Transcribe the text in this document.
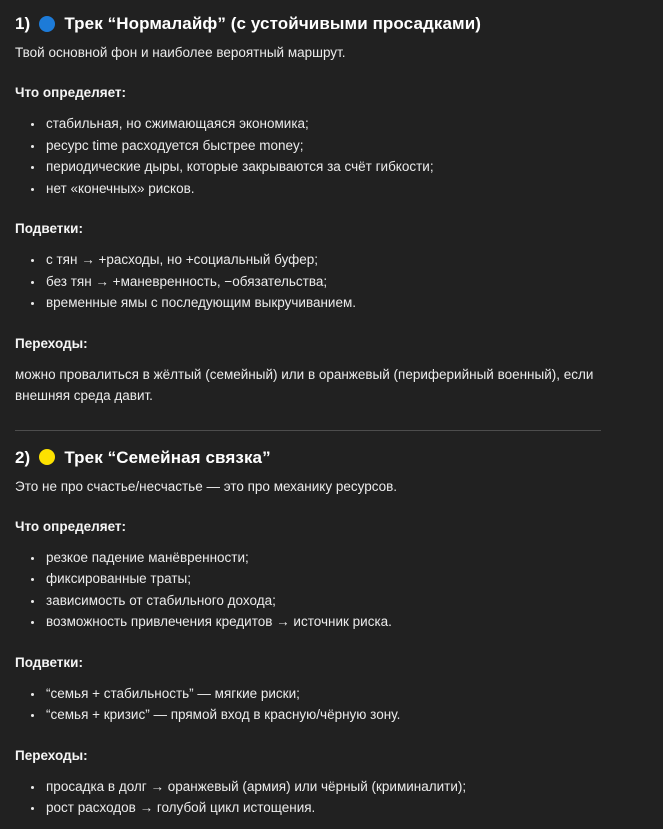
1) Трек “Нормалайф” (с устойчивыми просадками)

Твой основной фон и наиболее вероятный маршрут.

Что определяет:

• стабильная, но сжимающаяся экономика;
• ресурс time расходуется быстрее money;
• периодические дыры, которые закрываются за счёт гибкости;
• нет «конечных» рисков.

Подветки:

• с тян → +расходы, но +социальный буфер;
• без тян → +маневренность, −обязательства;
• временные ямы с последующим выкручиванием.

Переходы:

можно провалиться в жёлтый (семейный) или в оранжевый (периферийный военный), если внешняя среда давит.

2) Трек “Семейная связка”

Это не про счастье/несчастье — это про механику ресурсов.

Что определяет:

• резкое падение манёвренности;
• фиксированные траты;
• зависимость от стабильного дохода;
• возможность привлечения кредитов → источник риска.

Подветки:

• “семья + стабильность” — мягкие риски;
• “семья + кризис” — прямой вход в красную/чёрную зону.

Переходы:

• просадка в долг → оранжевый (армия) или чёрный (криминалити);
• рост расходов → голубой цикл истощения.
